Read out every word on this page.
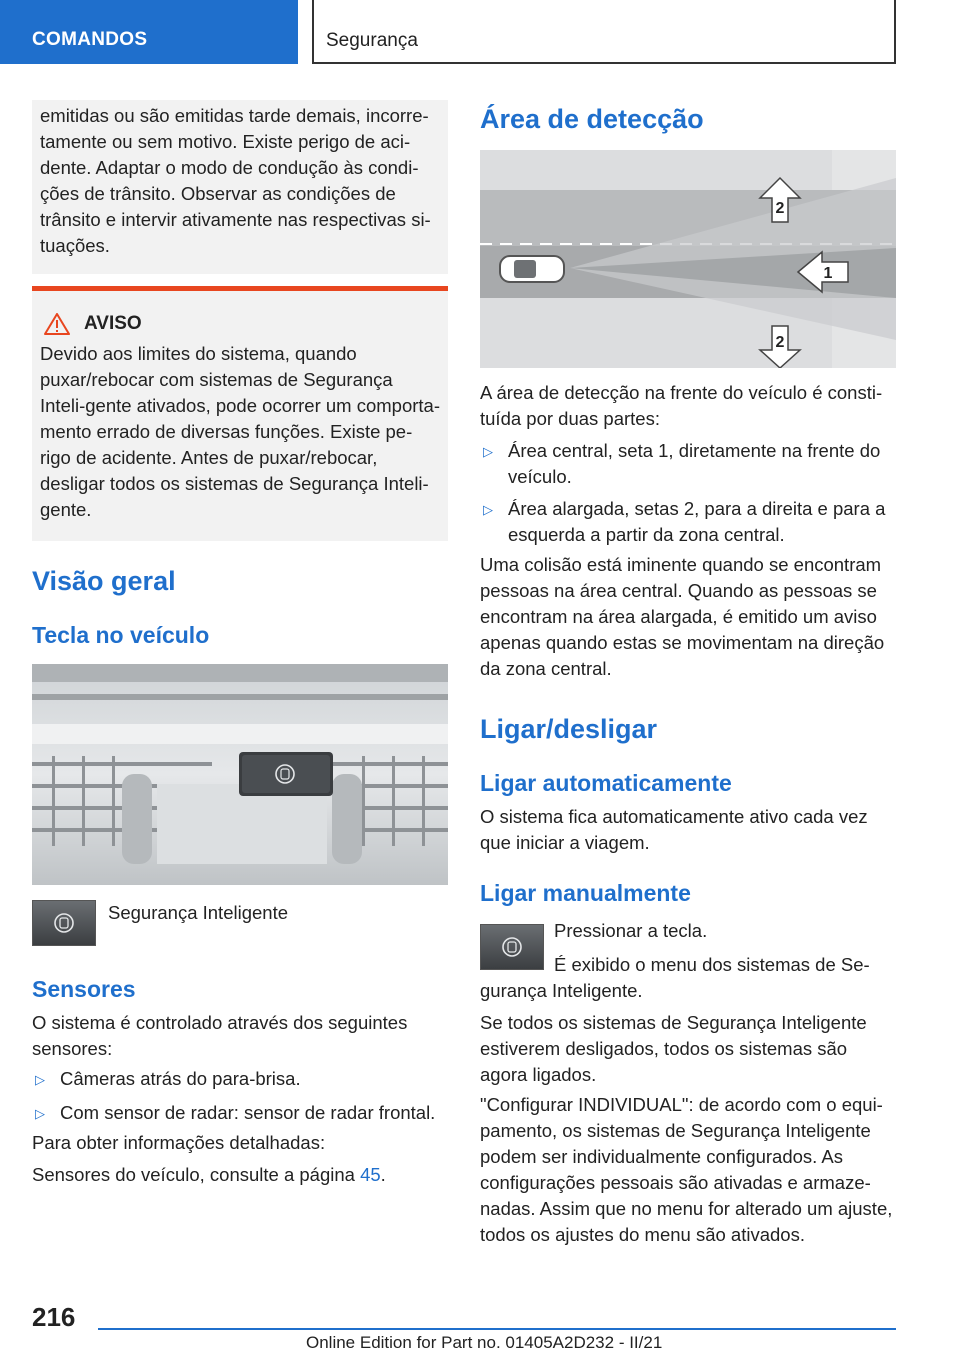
COMANDOS	Segurança

emitidas ou são emitidas tarde demais, incorre-tamente ou sem motivo. Existe perigo de aci-dente. Adaptar o modo de condução às condi-ções de trânsito. Observar as condições de trânsito e intervir ativamente nas respectivas si-tuações.

AVISO

Devido aos limites do sistema, quando puxar/rebocar com sistemas de Segurança Inteli-gente ativados, pode ocorrer um comporta-mento errado de diversas funções. Existe pe-rigo de acidente. Antes de puxar/rebocar, desligar todos os sistemas de Segurança Inteli-gente.

Visão geral
Tecla no veículo
Segurança Inteligente
Sensores

O sistema é controlado através dos seguintes sensores:

▷ Câmeras atrás do para-brisa.
▷ Com sensor de radar: sensor de radar frontal.

Para obter informações detalhadas:

Sensores do veículo, consulte a página 45.

Área de detecção
2
1
2

A área de detecção na frente do veículo é consti-tuída por duas partes:

▷ Área central, seta 1, diretamente na frente do veículo.
▷ Área alargada, setas 2, para a direita e para a esquerda a partir da zona central.

Uma colisão está iminente quando se encontram pessoas na área central. Quando as pessoas se encontram na área alargada, é emitido um aviso apenas quando estas se movimentam na direção da zona central.

Ligar/desligar
Ligar automaticamente

O sistema fica automaticamente ativo cada vez que iniciar a viagem.

Ligar manualmente
Pressionar a tecla.

É exibido o menu dos sistemas de Se-gurança Inteligente.

Se todos os sistemas de Segurança Inteligente estiverem desligados, todos os sistemas são agora ligados.

"Configurar INDIVIDUAL": de acordo com o equi-pamento, os sistemas de Segurança Inteligente podem ser individualmente configurados. As configurações pessoais são ativadas e armaze-nadas. Assim que no menu for alterado um ajuste, todos os ajustes do menu são ativados.

216
Online Edition for Part no. 01405A2D232 - II/21
